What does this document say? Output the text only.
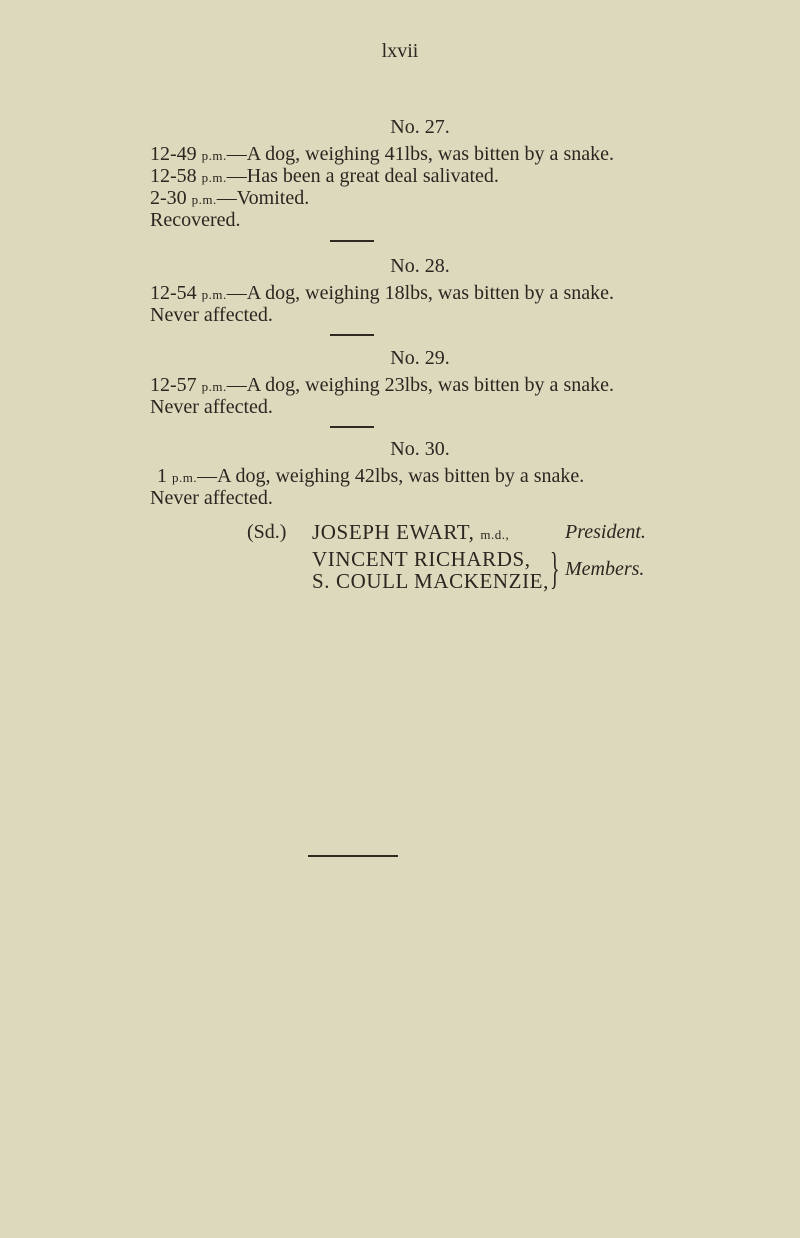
lxvii
No. 27.
12-49 p.m.—A dog, weighing 41lbs, was bitten by a snake.
12-58 p.m.—Has been a great deal salivated.
2-30 p.m.—Vomited.
Recovered.
No. 28.
12-54 p.m.—A dog, weighing 18lbs, was bitten by a snake.
Never affected.
No. 29.
12-57 p.m.—A dog, weighing 23lbs, was bitten by a snake.
Never affected.
No. 30.
1 p.m.—A dog, weighing 42lbs, was bitten by a snake.
Never affected.
(Sd.) JOSEPH EWART, m.d.,	President.
VINCENT RICHARDS,
S. COULL MACKENZIE, } Members.
